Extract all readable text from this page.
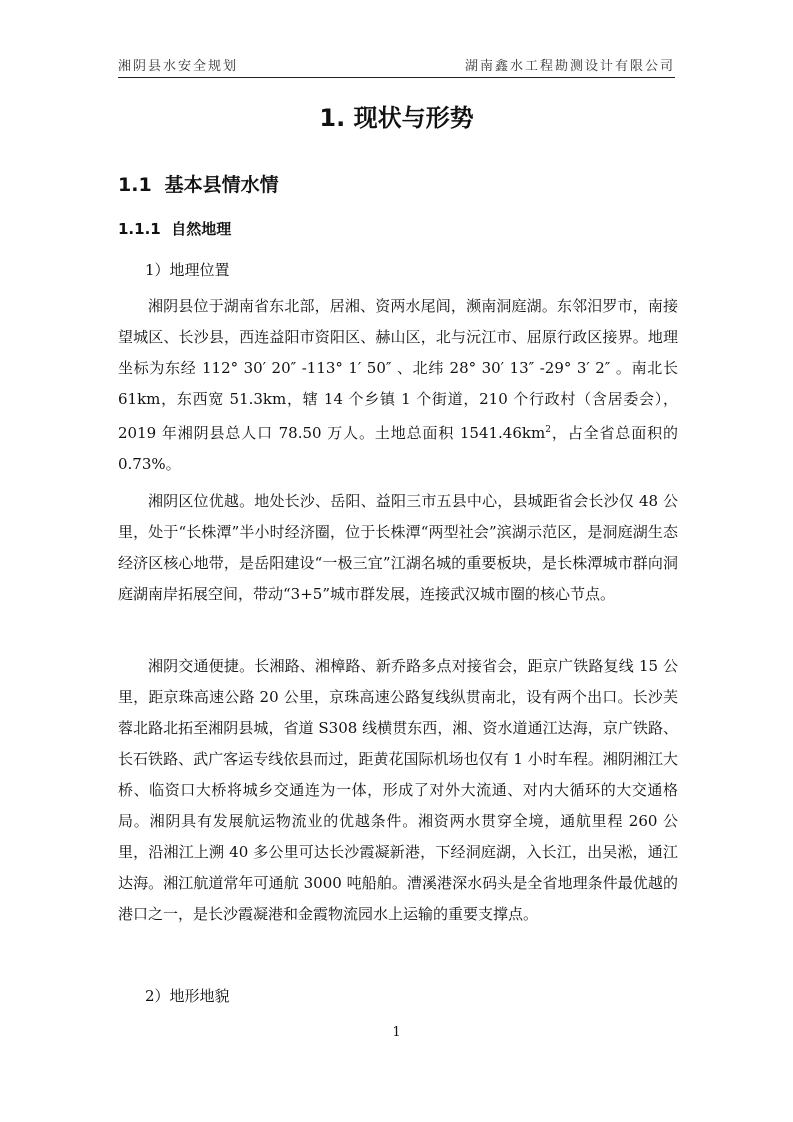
湘阴县水安全规划	湖南鑫水工程勘测设计有限公司
1. 现状与形势
1.1 基本县情水情
1.1.1 自然地理
1）地理位置

湘阴县位于湖南省东北部，居湘、资两水尾闾，濒南洞庭湖。东邻汨罗市，南接望城区、长沙县，西连益阳市资阳区、赫山区，北与沅江市、屈原行政区接界。地理坐标为东经 112° 30′ 20″ -113° 1′ 50″ 、北纬 28° 30′ 13″ -29° 3′ 2″ 。南北长 61km，东西宽 51.3km，辖 14 个乡镇 1 个街道，210 个行政村（含居委会），2019 年湘阴县总人口 78.50 万人。土地总面积 $1541.46km^2$，占全省总面积的 0.73%。

湘阴区位优越。地处长沙、岳阳、益阳三市五县中心，县城距省会长沙仅 48 公里，处于“长株潭”半小时经济圈，位于长株潭“两型社会”滨湖示范区，是洞庭湖生态经济区核心地带，是岳阳建设“一极三宜”江湖名城的重要板块，是长株潭城市群向洞庭湖南岸拓展空间，带动“3+5”城市群发展，连接武汉城市圈的核心节点。

湘阴交通便捷。长湘路、湘樟路、新乔路多点对接省会，距京广铁路复线 15 公里，距京珠高速公路 20 公里，京珠高速公路复线纵贯南北，设有两个出口。长沙芙蓉北路北拓至湘阴县城，省道 S308 线横贯东西，湘、资水道通江达海，京广铁路、长石铁路、武广客运专线依县而过，距黄花国际机场也仅有 1 小时车程。湘阴湘江大桥、临资口大桥将城乡交通连为一体，形成了对外大流通、对内大循环的大交通格局。湘阴具有发展航运物流业的优越条件。湘资两水贯穿全境，通航里程 260 公里，沿湘江上溯 40 多公里可达长沙霞凝新港，下经洞庭湖，入长江，出吴淞，通江达海。湘江航道常年可通航 3000 吨船舶。漕溪港深水码头是全省地理条件最优越的港口之一，是长沙霞凝港和金霞物流园水上运输的重要支撑点。

2）地形地貌
1
